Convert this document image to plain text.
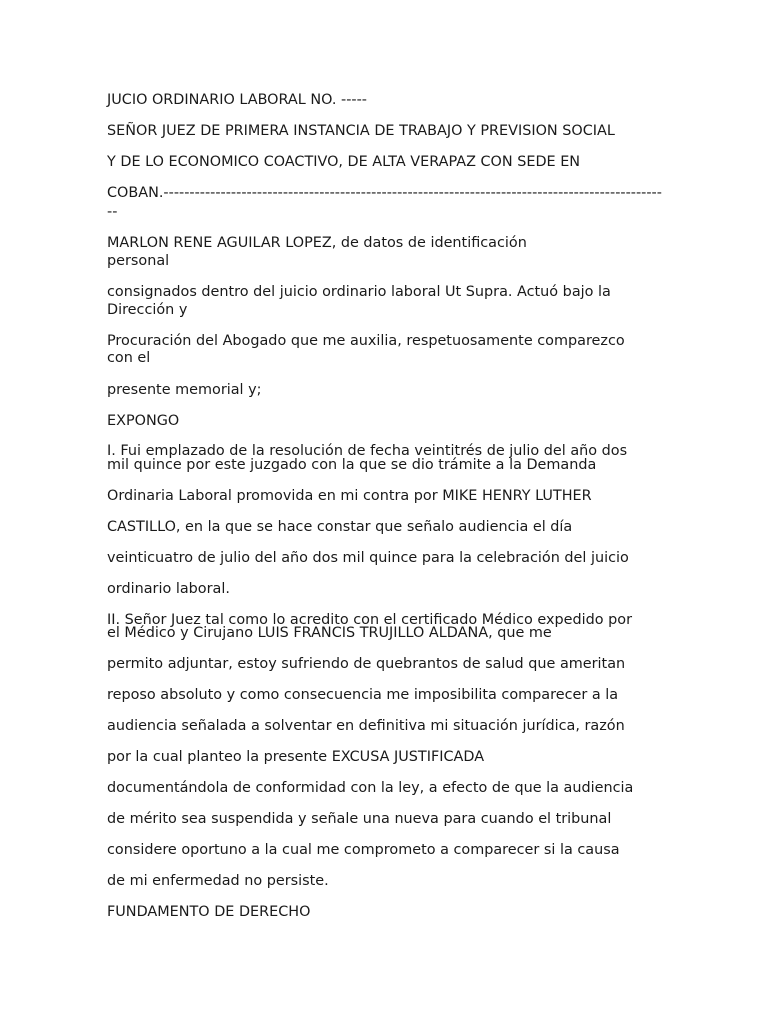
JUCIO ORDINARIO LABORAL NO. -----

SEÑOR JUEZ DE PRIMERA INSTANCIA DE TRABAJO Y PREVISION SOCIAL

Y DE LO ECONOMICO COACTIVO, DE ALTA VERAPAZ CON SEDE EN

COBAN.------------------------------------------------------------------------------------------------

--

MARLON RENE AGUILAR LOPEZ, de datos de identificación

personal

consignados dentro del juicio ordinario laboral Ut Supra. Actuó bajo la

Dirección y

Procuración del Abogado que me auxilia, respetuosamente comparezco

con el

presente memorial y;

EXPONGO

I. Fui emplazado de la resolución de fecha veintitrés de julio del año dos

mil quince por este juzgado con la que se dio trámite a la Demanda

Ordinaria Laboral promovida en mi contra por MIKE HENRY LUTHER

CASTILLO, en la que se hace constar que señalo audiencia el día

veinticuatro de julio del año dos mil quince para la celebración del juicio

ordinario laboral.

II. Señor Juez tal como lo acredito con el certificado Médico expedido por

el Médico y Cirujano LUIS FRANCIS TRUJILLO ALDANA, que me

permito adjuntar, estoy sufriendo de quebrantos de salud que ameritan

reposo absoluto y como consecuencia me imposibilita comparecer a la

audiencia señalada a solventar en definitiva mi situación jurídica, razón

por la cual planteo la presente EXCUSA JUSTIFICADA

documentándola de conformidad con la ley, a efecto de que la audiencia

de mérito sea suspendida y señale una nueva para cuando el tribunal

considere oportuno a la cual me comprometo a comparecer si la causa

de mi enfermedad no persiste.

FUNDAMENTO DE DERECHO
